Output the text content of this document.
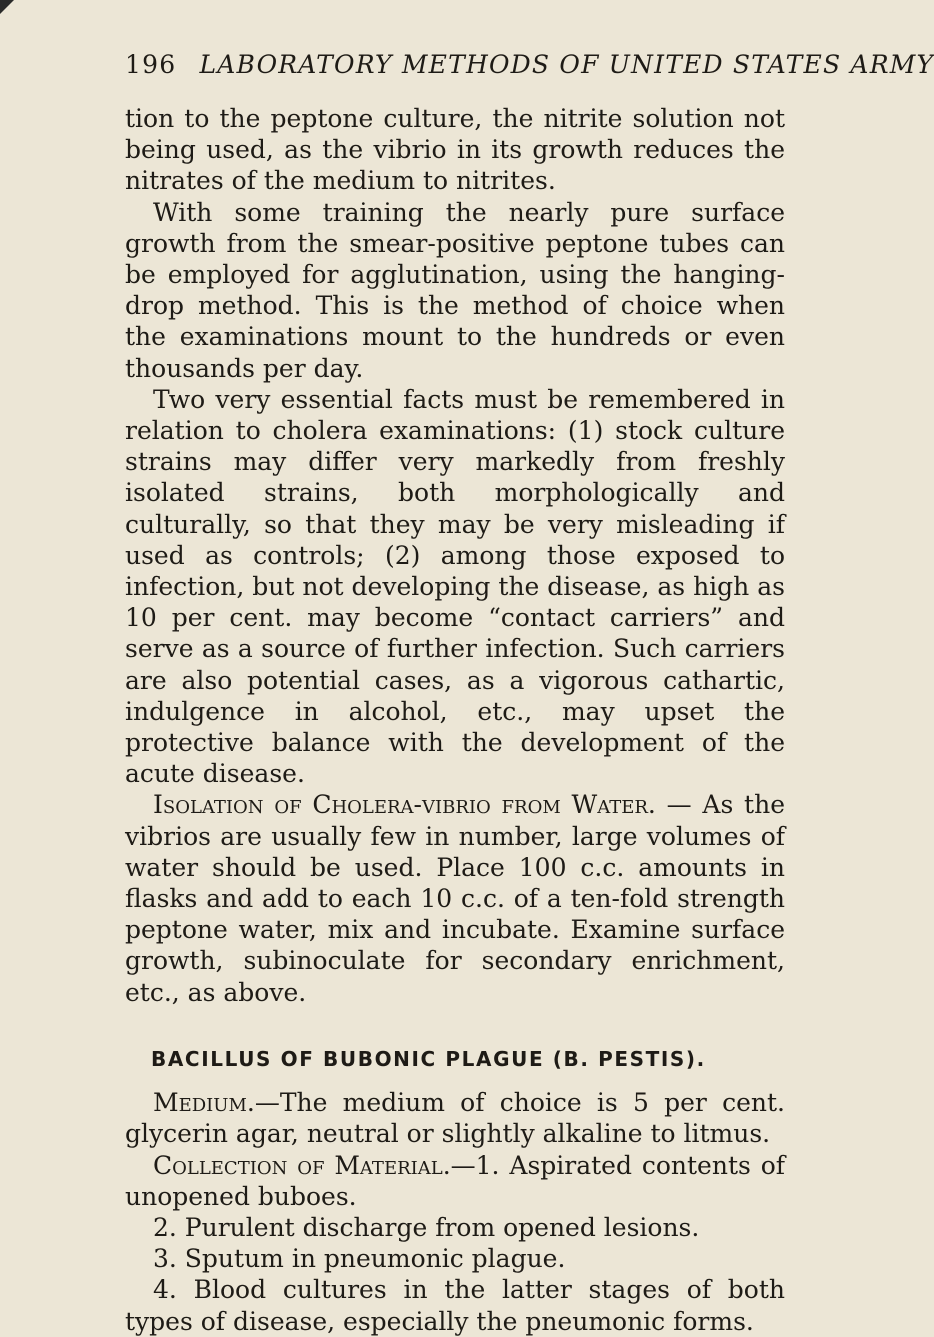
196 LABORATORY METHODS OF UNITED STATES ARMY

tion to the peptone culture, the nitrite solution not being used, as the vibrio in its growth reduces the nitrates of the medium to nitrites.

With some training the nearly pure surface growth from the smear-positive peptone tubes can be employed for agglutination, using the hanging-drop method. This is the method of choice when the examinations mount to the hundreds or even thousands per day.

Two very essential facts must be remembered in relation to cholera examinations: (1) stock culture strains may differ very markedly from freshly isolated strains, both morphologically and culturally, so that they may be very misleading if used as controls; (2) among those exposed to infection, but not developing the disease, as high as 10 per cent. may become “contact carriers” and serve as a source of further infection. Such carriers are also potential cases, as a vigorous cathartic, indulgence in alcohol, etc., may upset the protective balance with the development of the acute disease.

Isolation of Cholera-vibrio from Water. — As the vibrios are usually few in number, large volumes of water should be used. Place 100 c.c. amounts in flasks and add to each 10 c.c. of a ten-fold strength peptone water, mix and incubate. Examine surface growth, subinoculate for secondary enrichment, etc., as above.

BACILLUS OF BUBONIC PLAGUE (B. PESTIS).

Medium.—The medium of choice is 5 per cent. glycerin agar, neutral or slightly alkaline to litmus.

Collection of Material.—1. Aspirated contents of unopened buboes.

2. Purulent discharge from opened lesions.

3. Sputum in pneumonic plague.

4. Blood cultures in the latter stages of both types of disease, especially the pneumonic forms.
